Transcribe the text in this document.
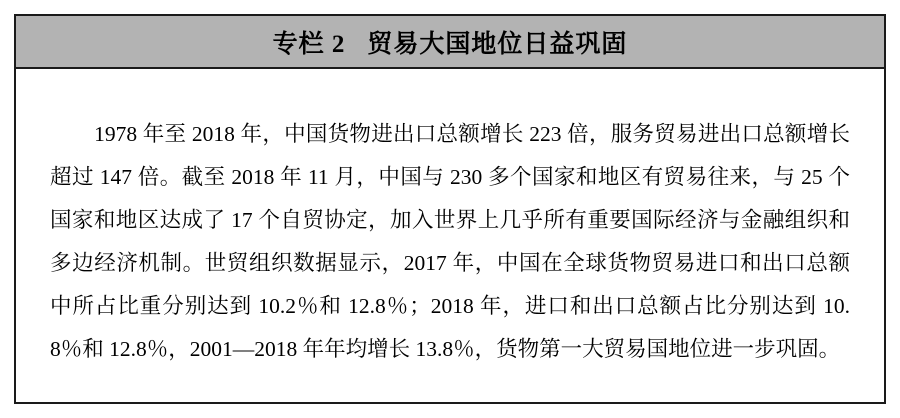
专栏 2 贸易大国地位日益巩固

1978 年至 2018 年，中国货物进出口总额增长 223 倍，服务贸易进出口总额增长超过 147 倍。截至 2018 年 11 月，中国与 230 多个国家和地区有贸易往来，与 25 个国家和地区达成了 17 个自贸协定，加入世界上几乎所有重要国际经济与金融组织和多边经济机制。世贸组织数据显示，2017 年，中国在全球货物贸易进口和出口总额中所占比重分别达到 10.2％和 12.8％；2018 年，进口和出口总额占比分别达到 10.8％和 12.8％，2001—2018 年年均增长 13.8％，货物第一大贸易国地位进一步巩固。
